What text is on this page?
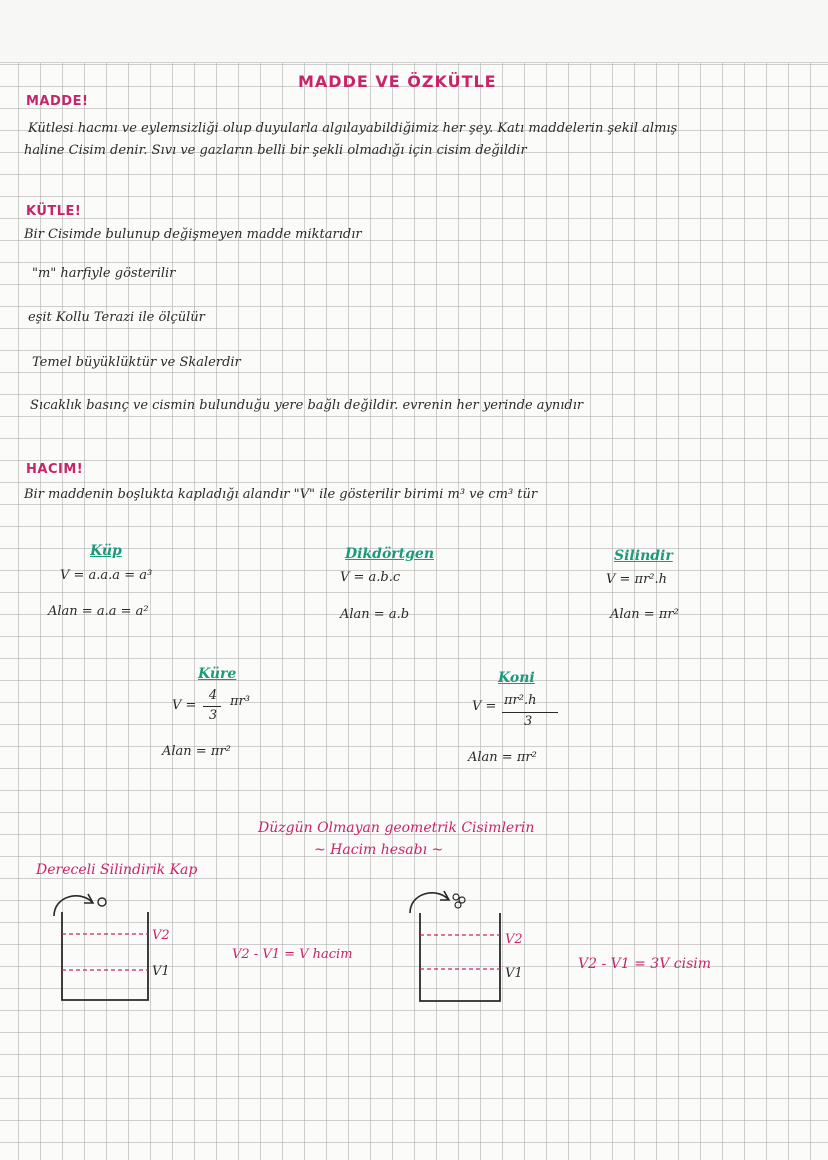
MADDE VE ÖZKÜTLE
MADDE!
Kütlesi hacmı ve eylemsizliği olup duyularla algılayabildiğimiz her şey. Katı maddelerin şekil almış
haline Cisim denir. Sıvı ve gazların belli bir şekli olmadığı için cisim değildir
KÜTLE!
Bir Cisimde bulunup değişmeyen madde miktarıdır
"m" harfiyle gösterilir
eşit Kollu Terazi ile ölçülür
Temel büyüklüktür ve Skalerdir
Sıcaklık basınç ve cismin bulunduğu yere bağlı değildir. evrenin her yerinde aynıdır
HACIM!
Bir maddenin boşlukta kapladığı alandır "V" ile gösterilir birimi m³ ve cm³ tür
Küp
V = a.a.a = a³
Alan = a.a = a²
Dikdörtgen
V = a.b.c
Alan = a.b
Silindir
V = πr².h
Alan = πr²
Küre
V =
4
3
πr³
Alan = πr²
Koni
V = πr².h
3
Alan = πr²
Düzgün Olmayan geometrik Cisimlerin
~ Hacim hesabı ~
Dereceli Silindirik Kap
V2
V1
V2 - V1 = V hacim
V2
V1
V2 - V1 = 3V cisim
